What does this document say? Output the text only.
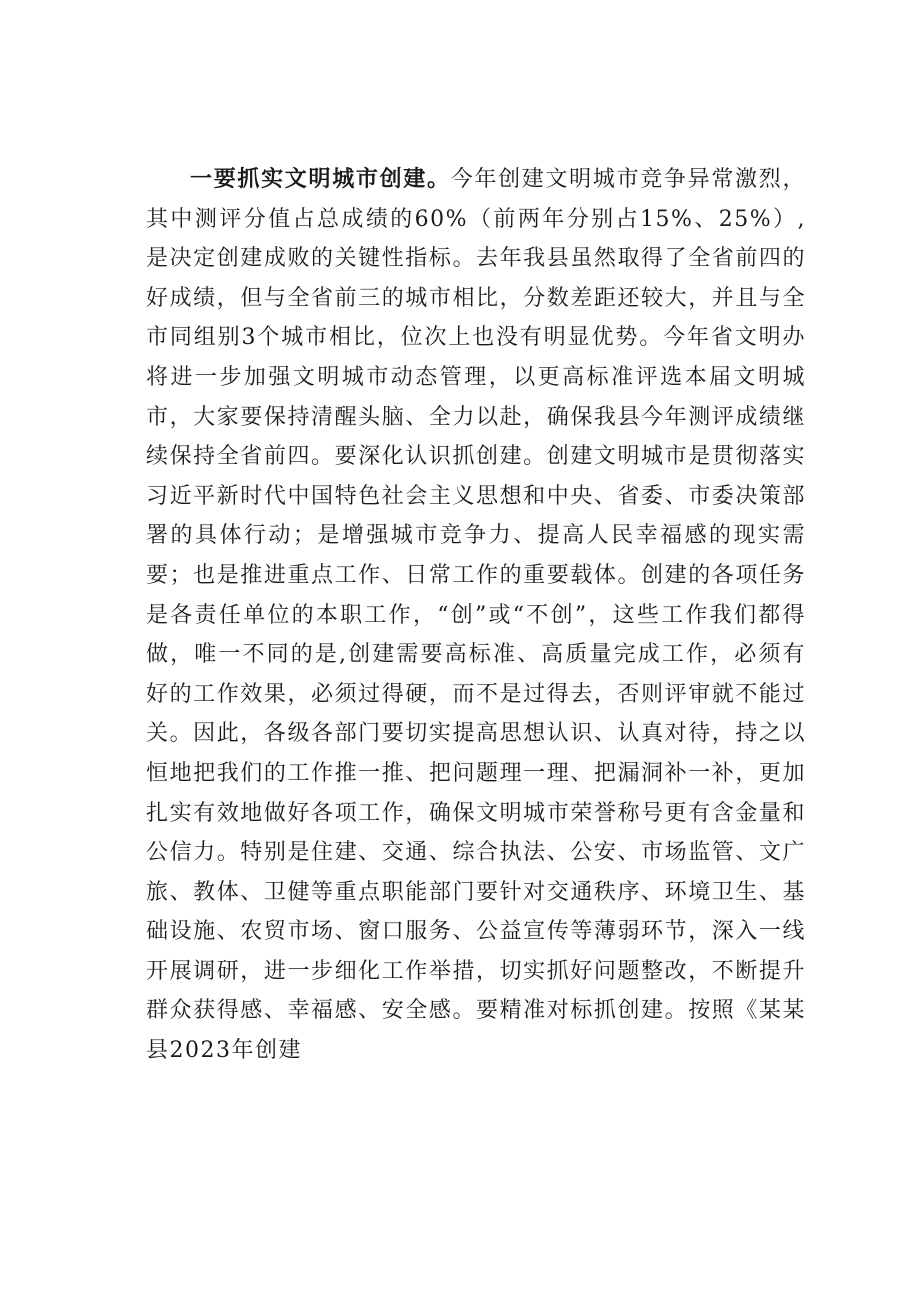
一要抓实文明城市创建。今年创建文明城市竞争异常激烈，其中测评分值占总成绩的60%（前两年分别占15%、25%）,是决定创建成败的关键性指标。去年我县虽然取得了全省前四的好成绩，但与全省前三的城市相比，分数差距还较大，并且与全市同组别3个城市相比，位次上也没有明显优势。今年省文明办将进一步加强文明城市动态管理，以更高标准评选本届文明城市，大家要保持清醒头脑、全力以赴，确保我县今年测评成绩继续保持全省前四。要深化认识抓创建。创建文明城市是贯彻落实习近平新时代中国特色社会主义思想和中央、省委、市委决策部署的具体行动；是增强城市竞争力、提高人民幸福感的现实需要；也是推进重点工作、日常工作的重要载体。创建的各项任务是各责任单位的本职工作，“创”或“不创”，这些工作我们都得做，唯一不同的是,创建需要高标准、高质量完成工作，必须有好的工作效果，必须过得硬，而不是过得去，否则评审就不能过关。因此，各级各部门要切实提高思想认识、认真对待，持之以恒地把我们的工作推一推、把问题理一理、把漏洞补一补，更加扎实有效地做好各项工作，确保文明城市荣誉称号更有含金量和公信力。特别是住建、交通、综合执法、公安、市场监管、文广旅、教体、卫健等重点职能部门要针对交通秩序、环境卫生、基础设施、农贸市场、窗口服务、公益宣传等薄弱环节，深入一线开展调研，进一步细化工作举措，切实抓好问题整改，不断提升群众获得感、幸福感、安全感。要精准对标抓创建。按照《某某县2023年创建
